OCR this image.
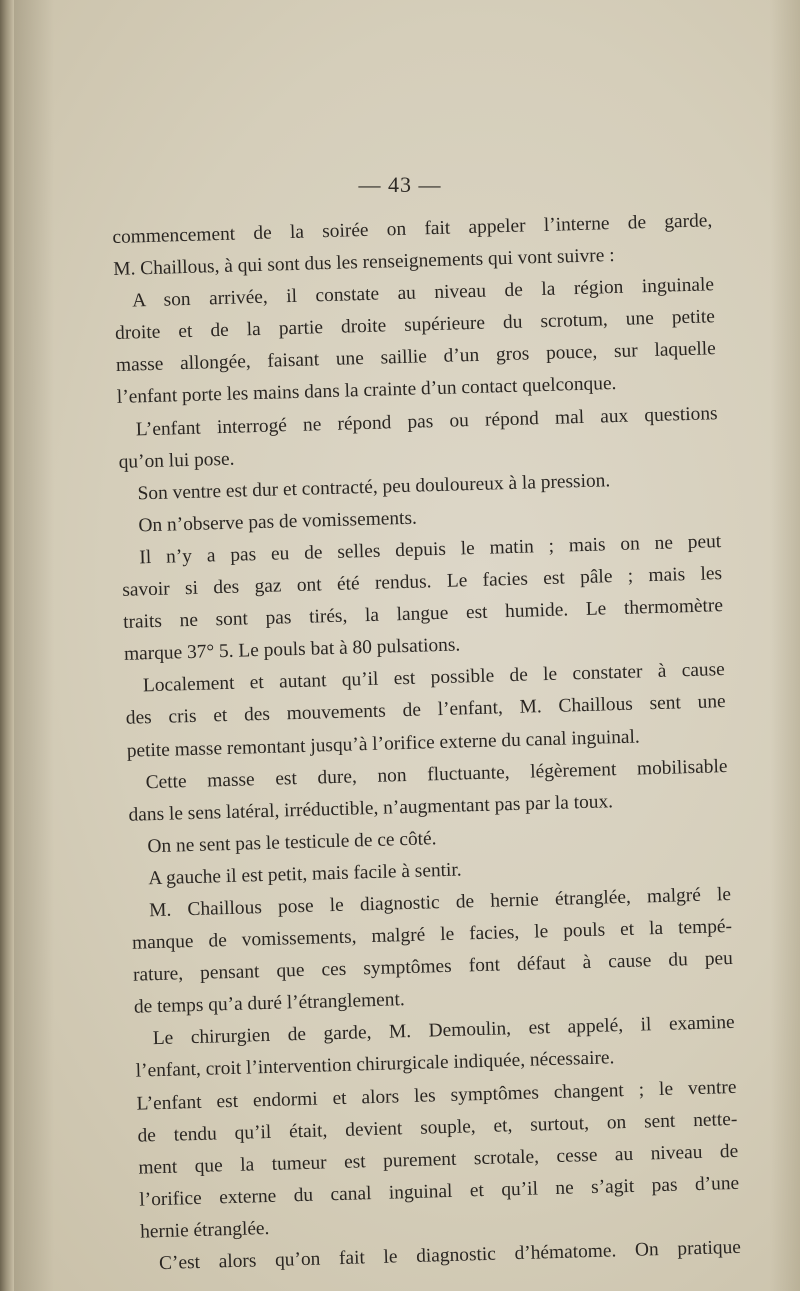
— 43 —
commencement de la soirée on fait appeler l’interne de garde,
M. Chaillous, à qui sont dus les renseignements qui vont suivre :
A son arrivée, il constate au niveau de la région inguinale
droite et de la partie droite supérieure du scrotum, une petite
masse allongée, faisant une saillie d’un gros pouce, sur laquelle
l’enfant porte les mains dans la crainte d’un contact quelconque.
L’enfant interrogé ne répond pas ou répond mal aux questions
qu’on lui pose.
Son ventre est dur et contracté, peu douloureux à la pression.
On n’observe pas de vomissements.
Il n’y a pas eu de selles depuis le matin ; mais on ne peut
savoir si des gaz ont été rendus. Le facies est pâle ; mais les
traits ne sont pas tirés, la langue est humide. Le thermomètre
marque 37° 5. Le pouls bat à 80 pulsations.
Localement et autant qu’il est possible de le constater à cause
des cris et des mouvements de l’enfant, M. Chaillous sent une
petite masse remontant jusqu’à l’orifice externe du canal inguinal.
Cette masse est dure, non fluctuante, légèrement mobilisable
dans le sens latéral, irréductible, n’augmentant pas par la toux.
On ne sent pas le testicule de ce côté.
A gauche il est petit, mais facile à sentir.
M. Chaillous pose le diagnostic de hernie étranglée, malgré le
manque de vomissements, malgré le facies, le pouls et la tempé-
rature, pensant que ces symptômes font défaut à cause du peu
de temps qu’a duré l’étranglement.
Le chirurgien de garde, M. Demoulin, est appelé, il examine
l’enfant, croit l’intervention chirurgicale indiquée, nécessaire.
L’enfant est endormi et alors les symptômes changent ; le ventre
de tendu qu’il était, devient souple, et, surtout, on sent nette-
ment que la tumeur est purement scrotale, cesse au niveau de
l’orifice externe du canal inguinal et qu’il ne s’agit pas d’une
hernie étranglée.
C’est alors qu’on fait le diagnostic d’hématome. On pratique
